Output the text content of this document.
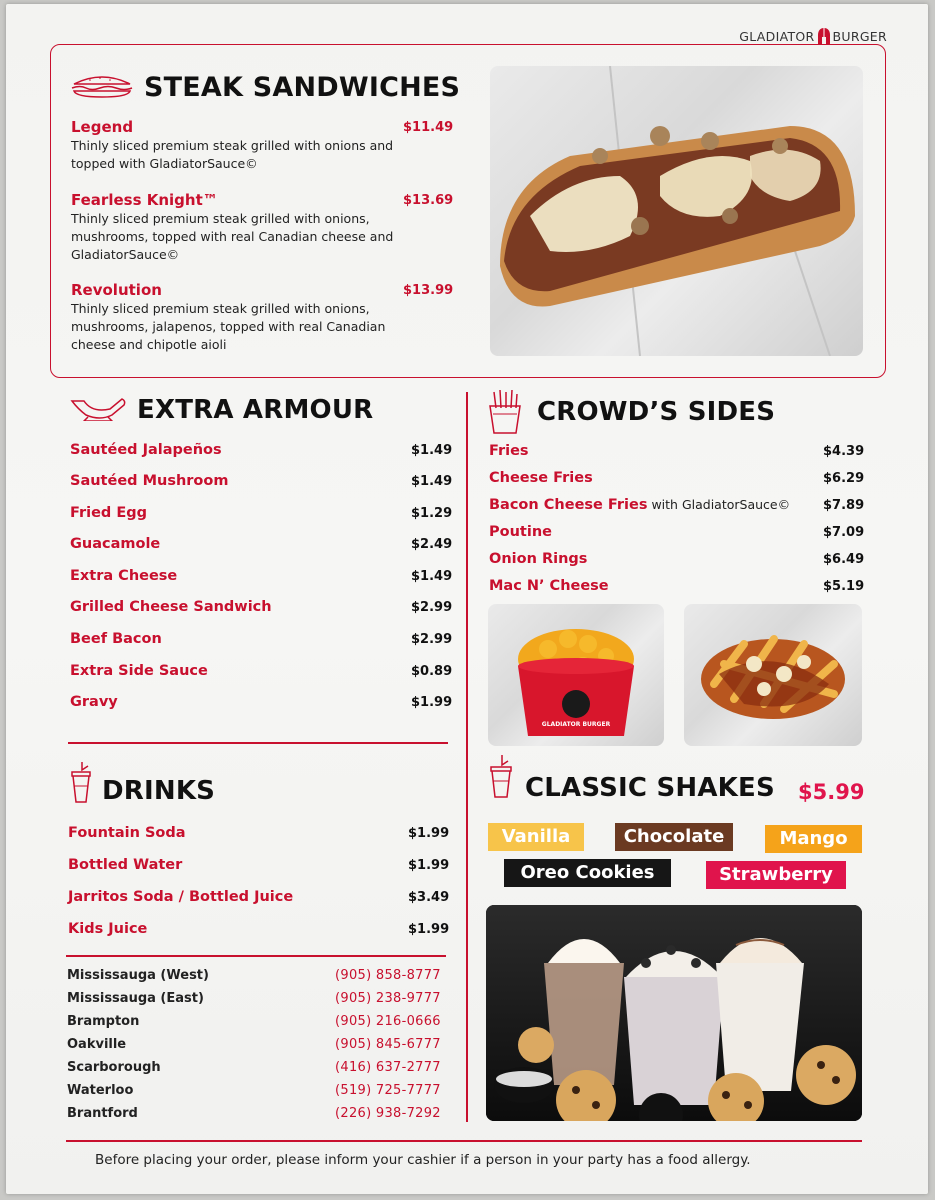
GLADIATOR BURGER
STEAK SANDWICHES
Legend	$11.49
Thinly sliced premium steak grilled with onions and
topped with GladiatorSauce©
Fearless Knight™	$13.69
Thinly sliced premium steak grilled with onions,
mushrooms, topped with real Canadian cheese and
GladiatorSauce©
Revolution	$13.99
Thinly sliced premium steak grilled with onions,
mushrooms, jalapenos, topped with real Canadian
cheese and chipotle aioli
EXTRA ARMOUR
Sautéed Jalapeños	$1.49
Sautéed Mushroom	$1.49
Fried Egg	$1.29
Guacamole	$2.49
Extra Cheese	$1.49
Grilled Cheese Sandwich	$2.99
Beef Bacon	$2.99
Extra Side Sauce	$0.89
Gravy	$1.99
DRINKS
Fountain Soda	$1.99
Bottled Water	$1.99
Jarritos Soda / Bottled Juice	$3.49
Kids Juice	$1.99
Mississauga (West)	(905) 858-8777
Mississauga (East)	(905) 238-9777
Brampton	(905) 216-0666
Oakville	(905) 845-6777
Scarborough	(416) 637-2777
Waterloo	(519) 725-7777
Brantford	(226) 938-7292
CROWD’S SIDES
Fries	$4.39
Cheese Fries	$6.29
Bacon Cheese Fries with GladiatorSauce©	$7.89
Poutine	$7.09
Onion Rings	$6.49
Mac N’ Cheese	$5.19
GLADIATOR BURGER
CLASSIC SHAKES $5.99
Vanilla	Chocolate	Mango
Oreo Cookies	Strawberry
Before placing your order, please inform your cashier if a person in your party has a food allergy.
